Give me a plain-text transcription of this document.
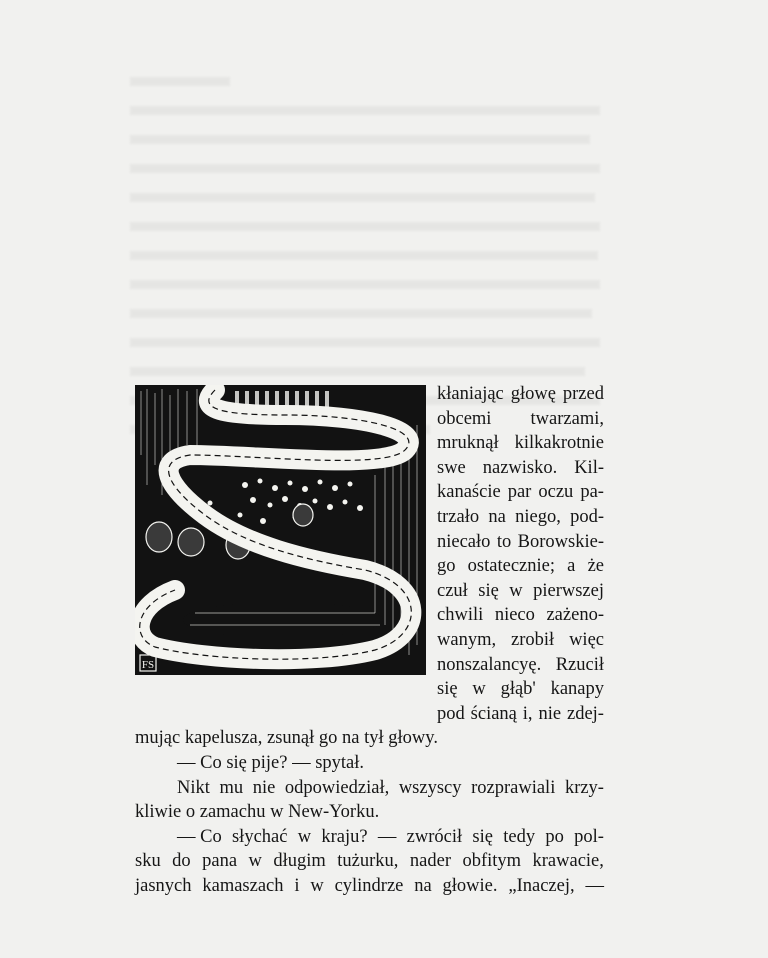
FS
kłaniając głowę przed
obcemi twarzami,
mruknął kilkakrotnie
swe nazwisko. Kil-
kanaście par oczu pa-
trzało na niego, pod-
niecało to Borowskie-
go ostatecznie; a że
czuł się w pierwszej
chwili nieco zażeno-
wanym, zrobił więc
nonszalancyę. Rzucił
się w głąb' kanapy
pod ścianą i, nie zdej-
mując kapelusza, zsunął go na tył głowy.
— Co się pije? — spytał.
Nikt mu nie odpowiedział, wszyscy rozprawiali krzy-
kliwie o zamachu w New-Yorku.
— Co słychać w kraju? — zwrócił się tedy po pol-
sku do pana w długim tużurku, nader obfitym krawacie,
jasnych kamaszach i w cylindrze na głowie. „Inaczej, —
